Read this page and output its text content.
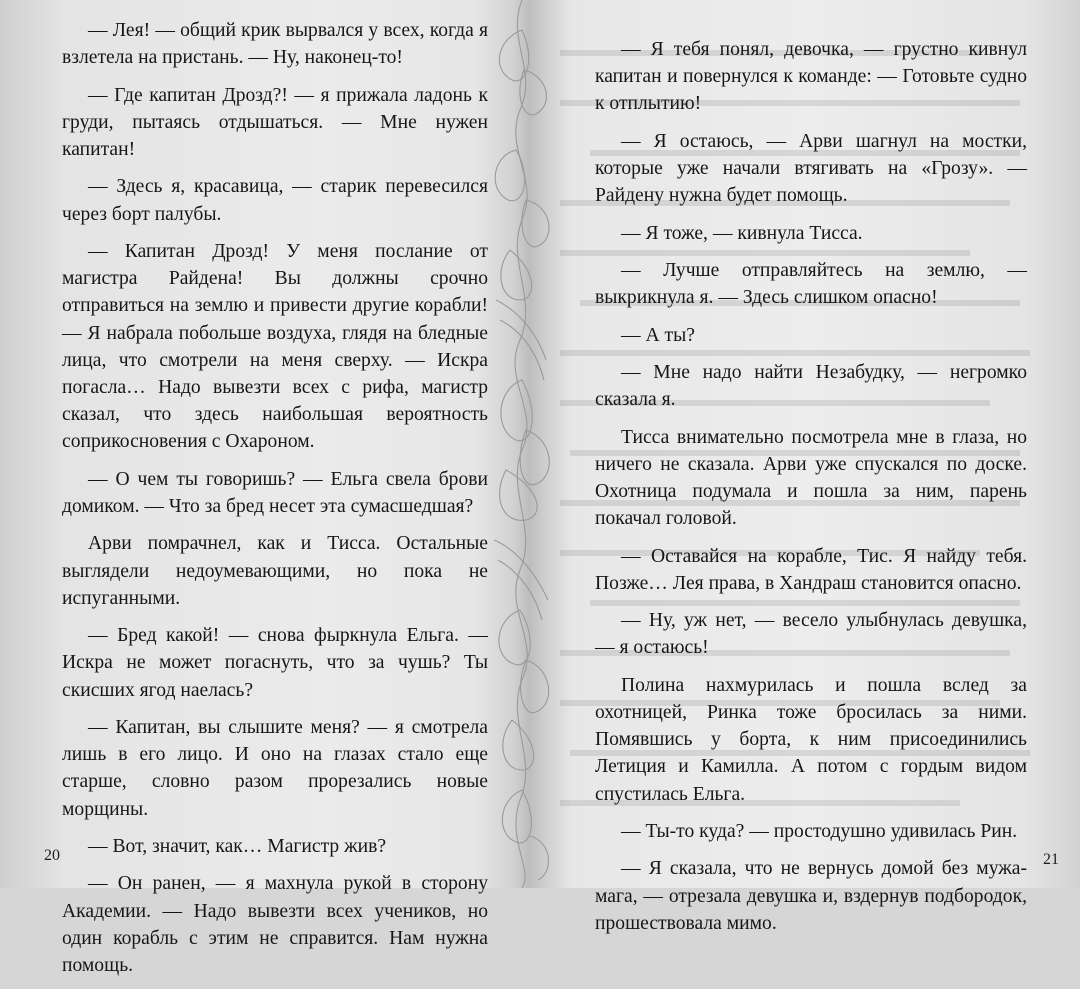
— Лея! — общий крик вырвался у всех, когда я взлетела на пристань. — Ну, наконец-то!

— Где капитан Дрозд?! — я прижала ладонь к груди, пытаясь отдышаться. — Мне нужен капитан!

— Здесь я, красавица, — старик перевесился через борт палубы.

— Капитан Дрозд! У меня послание от магистра Райдена! Вы должны срочно отправиться на землю и привести другие корабли! — Я набрала побольше воздуха, глядя на бледные лица, что смотрели на меня сверху. — Искра погасла… Надо вывезти всех с рифа, магистр сказал, что здесь наибольшая вероятность соприкосновения с Охароном.

— О чем ты говоришь? — Ельга свела брови домиком. — Что за бред несет эта сумасшедшая?

Арви помрачнел, как и Тисса. Остальные выглядели недоумевающими, но пока не испуганными.

— Бред какой! — снова фыркнула Ельга. — Искра не может погаснуть, что за чушь? Ты скисших ягод наелась?

— Капитан, вы слышите меня? — я смотрела лишь в его лицо. И оно на глазах стало еще старше, словно разом прорезались новые морщины.

— Вот, значит, как… Магистр жив?

— Он ранен, — я махнула рукой в сторону Академии. — Надо вывезти всех учеников, но один корабль с этим не справится. Нам нужна помощь.

20

— Я тебя понял, девочка, — грустно кивнул капитан и повернулся к команде: — Готовьте судно к отплытию!

— Я остаюсь, — Арви шагнул на мостки, которые уже начали втягивать на «Грозу». — Райдену нужна будет помощь.

— Я тоже, — кивнула Тисса.

— Лучше отправляйтесь на землю, — выкрикнула я. — Здесь слишком опасно!

— А ты?

— Мне надо найти Незабудку, — негромко сказала я.

Тисса внимательно посмотрела мне в глаза, но ничего не сказала. Арви уже спускался по доске. Охотница подумала и пошла за ним, парень покачал головой.

— Оставайся на корабле, Тис. Я найду тебя. Позже… Лея права, в Хандраш становится опасно.

— Ну, уж нет, — весело улыбнулась девушка, — я остаюсь!

Полина нахмурилась и пошла вслед за охотницей, Ринка тоже бросилась за ними. Помявшись у борта, к ним присоединились Летиция и Камилла. А потом с гордым видом спустилась Ельга.

— Ты-то куда? — простодушно удивилась Рин.

— Я сказала, что не вернусь домой без мужа-мага, — отрезала девушка и, вздернув подбородок, прошествовала мимо.

21
